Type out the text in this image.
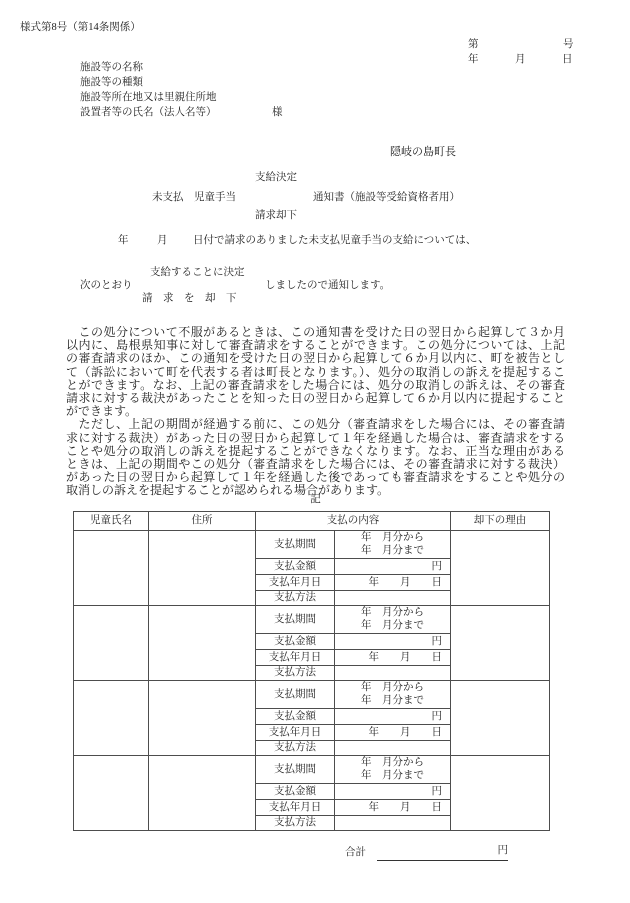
様式第8号（第14条関係）
第	号
年	月	日
施設等の名称
施設等の種類
施設等所在地又は里親住所地
設置者等の氏名（法人名等）	様
隠岐の島町長
支給決定
未支払　児童手当	通知書（施設等受給資格者用）
請求却下
年	月 日付で請求のありました未支払児童手当の支給については、
支給することに決定
次のとおり	しましたので通知します。
請　求　を　却　下
　この処分について不服があるときは、この通知書を受けた日の翌日から起算して３か月
以内に、島根県知事に対して審査請求をすることができます。この処分については、上記
の審査請求のほか、この通知を受けた日の翌日から起算して６か月以内に、町を被告とし
て（訴訟において町を代表する者は町長となります。）、処分の取消しの訴えを提起するこ
とができます。なお、上記の審査請求をした場合には、処分の取消しの訴えは、その審査
請求に対する裁決があったことを知った日の翌日から起算して６か月以内に提起すること
ができます。
　ただし、上記の期間が経過する前に、この処分（審査請求をした場合には、その審査請
求に対する裁決）があった日の翌日から起算して１年を経過した場合は、審査請求をする
ことや処分の取消しの訴えを提起することができなくなります。なお、正当な理由がある
ときは、上記の期間やこの処分（審査請求をした場合には、その審査請求に対する裁決）
があった日の翌日から起算して１年を経過した後であっても審査請求をすることや処分の
取消しの訴えを提起することが認められる場合があります。
記
児童氏名	住所	支払の内容		却下の理由
		支払期間	年　月分から
年　月分まで	
		支払金額	円	
		支払年月日	年　　月　　日	
		支払方法		
		支払期間	年　月分から
年　月分まで	
		支払金額	円	
		支払年月日	年　　月　　日	
		支払方法		
		支払期間	年　月分から
年　月分まで	
		支払金額	円	
		支払年月日	年　　月　　日	
		支払方法		
		支払期間	年　月分から
年　月分まで	
		支払金額	円	
		支払年月日	年　　月　　日	
		支払方法		
合計	円
